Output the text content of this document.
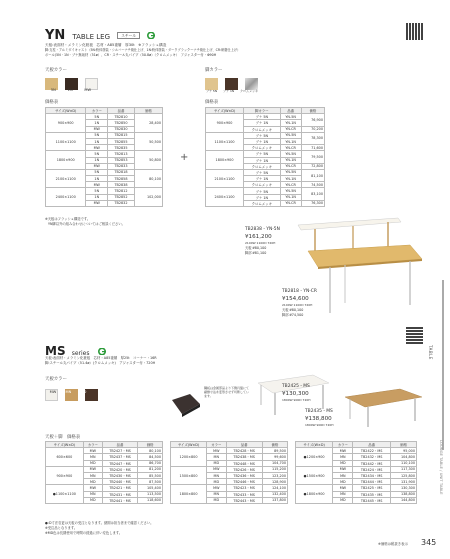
YN TABLE LEG	スチール
天板:表面材・メラミン化粧板　芯材・A85複層　厚30t　※フラッシュ構造
脚:支柱・アルミダイキャスト（5N:粉体塗装・シルバーナチ焼仕上げ、1N:粉体塗装・ダークブラックーナチ焼仕上げ、CR:研磨仕上げ）
ボール(5N・1N・ブナ無垢材（51ø）、CR・スチール丸パイプ（50.8ø）（クロムメッキ）　アジャスター付・Φ90H
天板カラー

5N	1N	MW
脚カラー

ブナ 5N ブナ 1N クロムメッキ
価格表	価格表
サイズ(W×D)	カラー	品番	価格
900×900	5N	TB2810	28,400
	1N	TB2850	
	MW	TB2830	
1100×1100	5N	TB2815	50,500
	1N	TB2855	
	MW	TB2835	
1800×900	5N	TB2813	50,800
	1N	TB2853	
	MW	TB2833	
2100×1100	5N	TB2818	80,100
	1N	TB2858	
	MW	TB2838	
2400×1100	5N	TB2812	102,000
	1N	TB2852	
	MW	TB2832	
+
サイズ(W×D)	脚カラー	品番	価格
900×900	ブナ 5N	YN-5N	76,900
	ブナ 1N	YN-1N	
	クロムメッキ	YN-CR	70,200
1100×1100	ブナ 5N	YN-5N	78,300
	ブナ 1N	YN-1N	
	クロムメッキ	YN-CR	71,600
1800×900	ブナ 5N	YN-5N	79,500
	ブナ 1N	YN-1N	
	クロムメッキ	YN-CR	72,800
2100×1100	ブナ 5N	YN-5N	81,100
	ブナ 1N	YN-1N	
	クロムメッキ	YN-CR	74,500
2400×1100	ブナ 5N	YN-5N	83,100
	ブナ 1N	YN-1N	
	クロムメッキ	YN-CR	76,300
※天板はフラッシュ構造です。
YN脚以外の組み合わせについてはご相談ください。
TB2838・YN-5N
¥161,200
2100W 1100D 720H
天板:¥80,100
脚部:¥81,100
TB2818・YN-CR
¥154,600
2100W 1100D 720H
天板:¥80,100
脚部:¥74,500
TABLE
LOUNGE TABLE / UNIT TABLE
MS series
天板:表面材・メラミン化粧板　芯材・A85複層　厚25t　コーナー・16R
脚:スチール丸パイプ（51.4ø）(クロムメッキ)　アジャスター付・720H
天板カラー

MW	MN	MD
鋼板は金属部品より下側円盤にて繊維寸法を変形させず切断しています。
TB2425・MS
¥130,300
1800W 900D 720H
TB2435・MS
¥138,800
1800W 900D 720H
天板＋脚　価格表
サイズ(W×D)	カラー	品番	価格
600×600	MW	TB2427・MS	80,100
	MN	TB2437・MS	84,500
	MD	TB2447・MS	86,700
900×900	MW	TB2420・MS	81,200
	MN	TB2430・MS	85,500
	MD	TB2440・MS	87,500
●1100×1100	MW	TB2421・MS	105,400
	MN	TB2431・MS	113,500
	MD	TB2441・MS	118,600
サイズ(W×D)	カラー	品番	価格
1200×800	MW	TB2428・MS	89,500
	MN	TB2438・MS	99,600
	MD	TB2448・MS	104,700
1500×800	MW	TB2426・MS	115,200
	MN	TB2436・MS	123,200
	MD	TB2446・MS	128,900
1800×800	MW	TB2423・MS	124,100
	MN	TB2433・MS	132,400
	MD	TB2443・MS	137,800
サイズ(W×D)	カラー	品番	価格
●1200×900	MW	TB2422・MS	95,000
	MN	TB2432・MS	104,800
	MD	TB2442・MS	110,100
●1500×900	MW	TB2424・MS	117,300
	MN	TB2434・MS	125,800
	MD	TB2444・MS	131,900
●1800×900	MW	TB2425・MS	130,300
	MN	TB2435・MS	138,800
	MD	TB2445・MS	144,800
●:D寸法変更は天板の受注となります。納期は担当者まで確認ください。
※受注品となります。
※MD色は長期使用で時間の経過に伴い変色します。
※価格は税抜き表示 345
